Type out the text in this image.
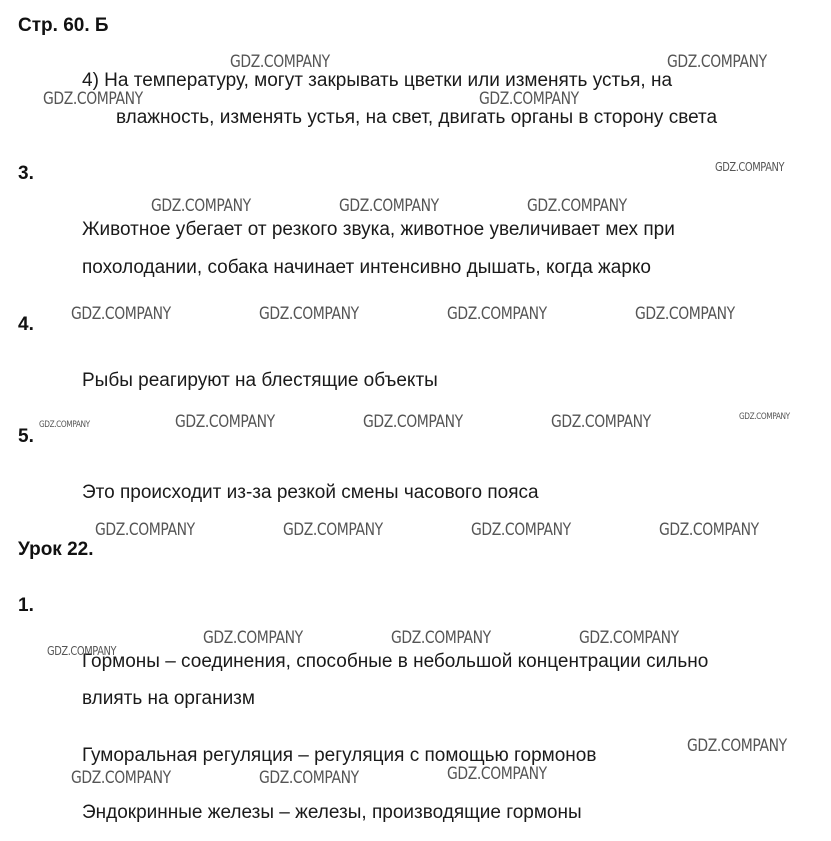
Стр. 60. Б
4) На температуру, могут закрывать цветки или изменять устья, на
влажность, изменять устья, на свет, двигать органы в сторону света
3.
Животное убегает от резкого звука, животное увеличивает мех при
похолодании, собака начинает интенсивно дышать, когда жарко
4.
Рыбы реагируют на блестящие объекты
5.
Это происходит из-за резкой смены часового пояса
Урок 22.
1.
Гормоны – соединения, способные в небольшой концентрации сильно
влиять на организм
Гуморальная регуляция – регуляция с помощью гормонов
Эндокринные железы – железы, производящие гормоны
GDZ.COMPANY	GDZ.COMPANY
GDZ.COMPANY	GDZ.COMPANY
GDZ.COMPANY
GDZ.COMPANY	GDZ.COMPANY	GDZ.COMPANY
GDZ.COMPANY	GDZ.COMPANY	GDZ.COMPANY	GDZ.COMPANY
GDZ.COMPANY	GDZ.COMPANY	GDZ.COMPANY	GDZ.COMPANY	GDZ.COMPANY
GDZ.COMPANY	GDZ.COMPANY	GDZ.COMPANY	GDZ.COMPANY
GDZ.COMPANY	GDZ.COMPANY	GDZ.COMPANY
GDZ.COMPANY
GDZ.COMPANY
GDZ.COMPANY	GDZ.COMPANY	GDZ.COMPANY
